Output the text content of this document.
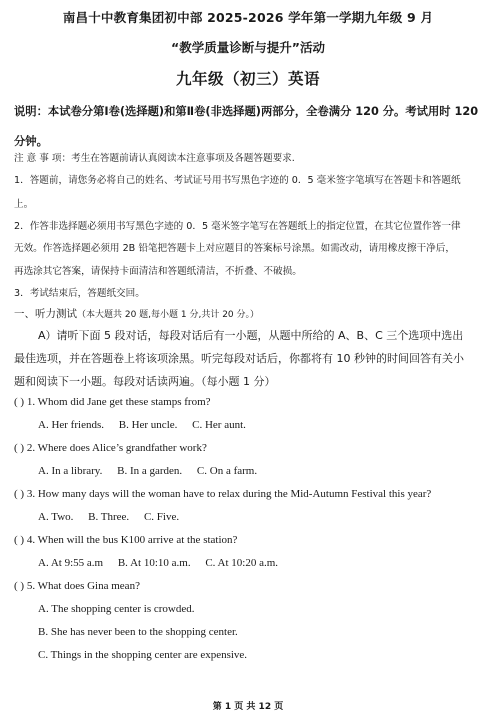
南昌十中教育集团初中部 2025-2026 学年第一学期九年级 9 月
“教学质量诊断与提升”活动
九年级（初三）英语
说明：本试卷分第Ⅰ卷(选择题)和第Ⅱ卷(非选择题)两部分，全卷满分 120 分。考试用时 120
分钟。
注 意 事 项：考生在答题前请认真阅读本注意事项及各题答题要求.
1．答题前，请您务必将自己的姓名、考试证号用书写黑色字迹的 0．5 毫米签字笔填写在答题卡和答题纸
上。
2．作答非选择题必须用书写黑色字迹的 0．5 毫米签字笔写在答题纸上的指定位置，在其它位置作答一律
无效。作答选择题必须用 2B 铅笔把答题卡上对应题目的答案标号涂黑。如需改动，请用橡皮擦干净后，
再选涂其它答案，请保持卡面清洁和答题纸清洁，不折叠、不破损。
3．考试结束后，答题纸交回。
一、听力测试（本大题共 20 题,每小题 1 分,共计 20 分。）
A）请听下面 5 段对话，每段对话后有一小题，从题中所给的 A、B、C 三个选项中选出
最佳选项，并在答题卷上将该项涂黑。听完每段对话后，你都将有 10 秒钟的时间回答有关小
题和阅读下一小题。每段对话读两遍。（每小题 1 分）
( ) 1. Whom did Jane get these stamps from?
A. Her friends. B. Her uncle. C. Her aunt.
( ) 2. Where does Alice’s grandfather work?
A. In a library. B. In a garden. C. On a farm.
( ) 3. How many days will the woman have to relax during the Mid-Autumn Festival this year?
A. Two. B. Three. C. Five.
( ) 4. When will the bus K100 arrive at the station?
A. At 9:55 a.m B. At 10:10 a.m. C. At 10:20 a.m.
( ) 5. What does Gina mean?
A. The shopping center is crowded.
B. She has never been to the shopping center.
C. Things in the shopping center are expensive.
第 1 页 共 12 页
